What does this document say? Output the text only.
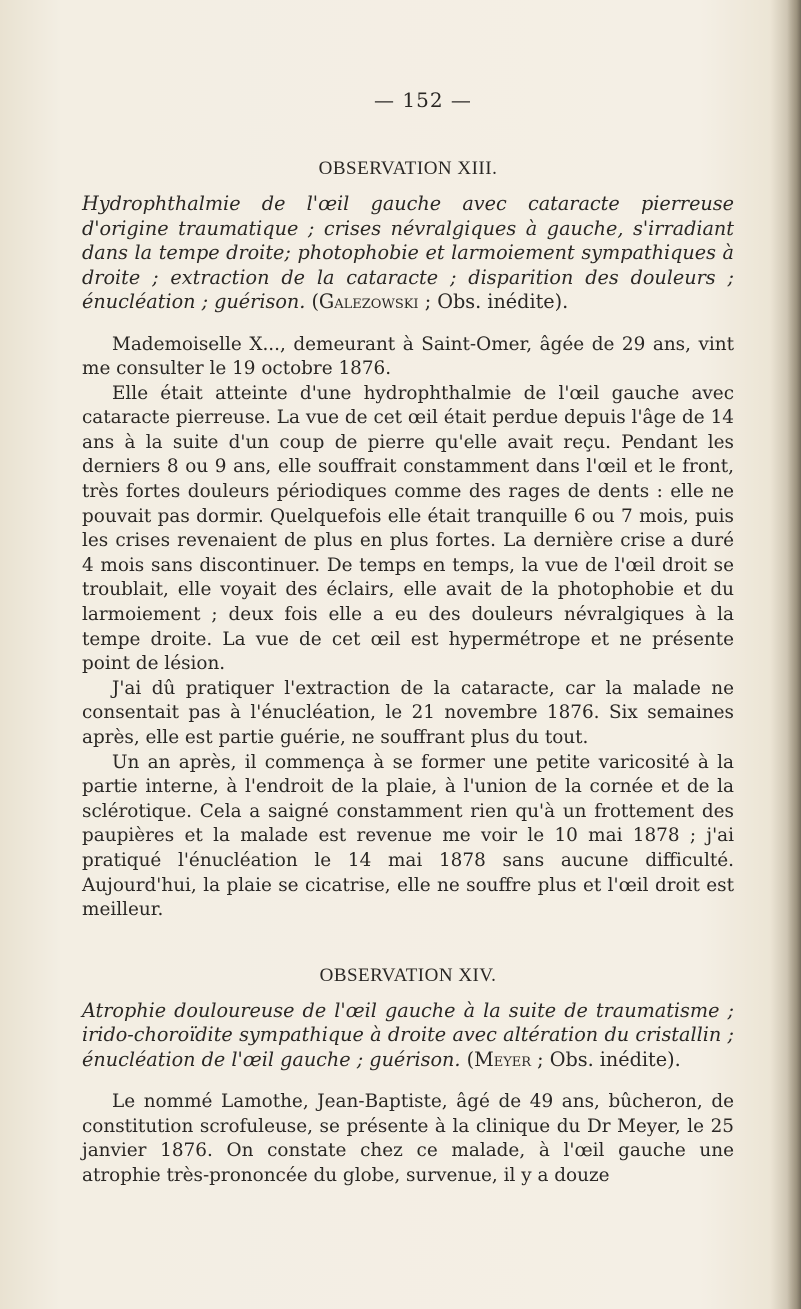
— 152 —
OBSERVATION XIII.

Hydrophthalmie de l'œil gauche avec cataracte pierreuse d'origine traumatique ; crises névralgiques à gauche, s'irradiant dans la tempe droite; photophobie et larmoiement sympathiques à droite ; extraction de la cataracte ; disparition des douleurs ; énucléation ; guérison. (Galezowski ; Obs. inédite).

Mademoiselle X..., demeurant à Saint-Omer, âgée de 29 ans, vint me consulter le 19 octobre 1876.

Elle était atteinte d'une hydrophthalmie de l'œil gauche avec cataracte pierreuse. La vue de cet œil était perdue depuis l'âge de 14 ans à la suite d'un coup de pierre qu'elle avait reçu. Pendant les derniers 8 ou 9 ans, elle souffrait constamment dans l'œil et le front, très fortes douleurs périodiques comme des rages de dents : elle ne pouvait pas dormir. Quelquefois elle était tranquille 6 ou 7 mois, puis les crises revenaient de plus en plus fortes. La dernière crise a duré 4 mois sans discontinuer. De temps en temps, la vue de l'œil droit se troublait, elle voyait des éclairs, elle avait de la photophobie et du larmoiement ; deux fois elle a eu des douleurs névralgiques à la tempe droite. La vue de cet œil est hypermétrope et ne présente point de lésion.

J'ai dû pratiquer l'extraction de la cataracte, car la malade ne consentait pas à l'énucléation, le 21 novembre 1876. Six semaines après, elle est partie guérie, ne souffrant plus du tout.

Un an après, il commença à se former une petite varicosité à la partie interne, à l'endroit de la plaie, à l'union de la cornée et de la sclérotique. Cela a saigné constamment rien qu'à un frottement des paupières et la malade est revenue me voir le 10 mai 1878 ; j'ai pratiqué l'énucléation le 14 mai 1878 sans aucune difficulté. Aujourd'hui, la plaie se cicatrise, elle ne souffre plus et l'œil droit est meilleur.

OBSERVATION XIV.

Atrophie douloureuse de l'œil gauche à la suite de traumatisme ; irido-choroïdite sympathique à droite avec altération du cristallin ; énucléation de l'œil gauche ; guérison. (Meyer ; Obs. inédite).

Le nommé Lamothe, Jean-Baptiste, âgé de 49 ans, bûcheron, de constitution scrofuleuse, se présente à la clinique du Dr Meyer, le 25 janvier 1876. On constate chez ce malade, à l'œil gauche une atrophie très-prononcée du globe, survenue, il y a douze
